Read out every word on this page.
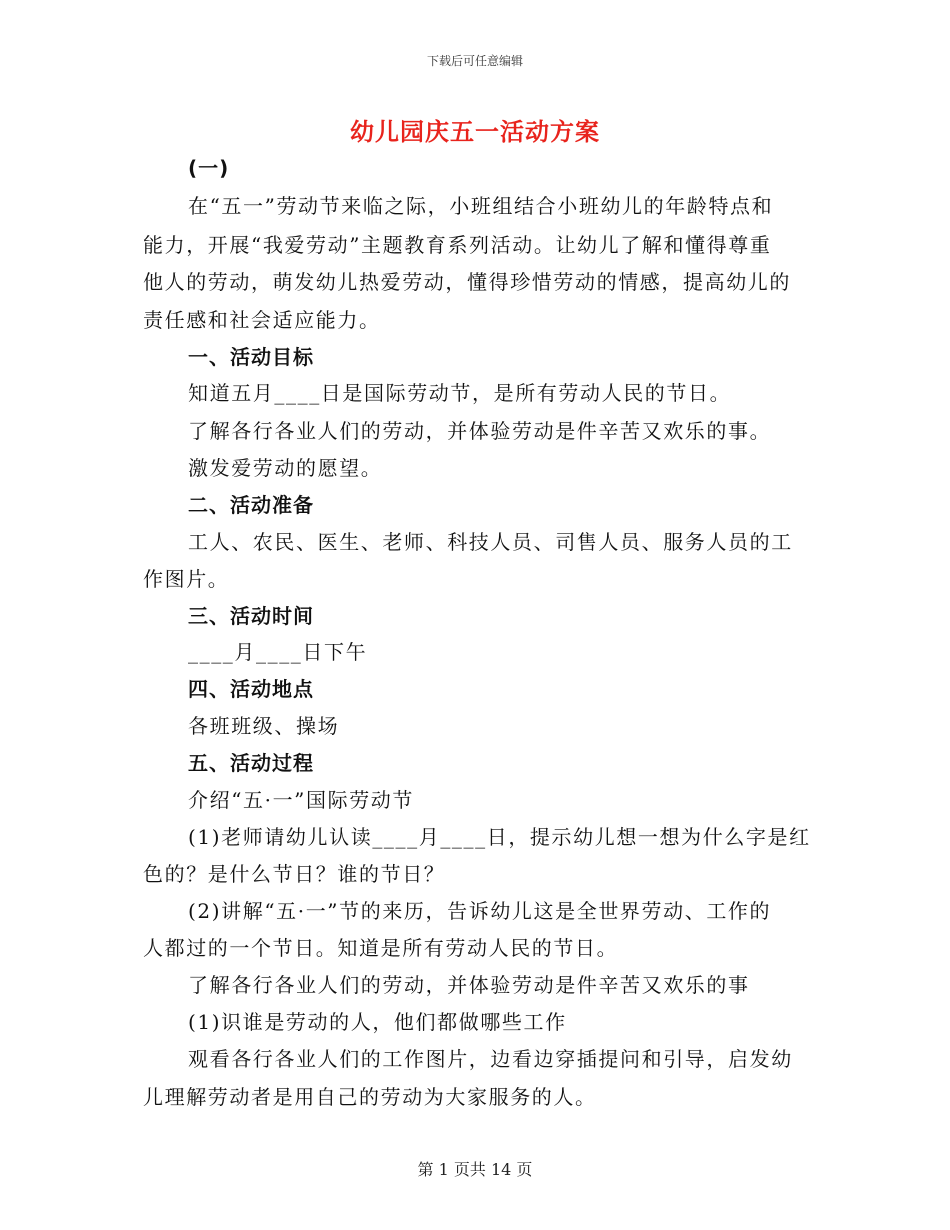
下载后可任意编辑
幼儿园庆五一活动方案
(一)
在“五一”劳动节来临之际，小班组结合小班幼儿的年龄特点和
能力，开展“我爱劳动”主题教育系列活动。让幼儿了解和懂得尊重
他人的劳动，萌发幼儿热爱劳动，懂得珍惜劳动的情感，提高幼儿的
责任感和社会适应能力。
一、活动目标
知道五月____日是国际劳动节，是所有劳动人民的节日。
了解各行各业人们的劳动，并体验劳动是件辛苦又欢乐的事。
激发爱劳动的愿望。
二、活动准备
工人、农民、医生、老师、科技人员、司售人员、服务人员的工
作图片。
三、活动时间
____月____日下午
四、活动地点
各班班级、操场
五、活动过程
介绍“五·一”国际劳动节
(1)老师请幼儿认读____月____日，提示幼儿想一想为什么字是红
色的？是什么节日？谁的节日？
(2)讲解“五·一”节的来历，告诉幼儿这是全世界劳动、工作的
人都过的一个节日。知道是所有劳动人民的节日。
了解各行各业人们的劳动，并体验劳动是件辛苦又欢乐的事
(1)识谁是劳动的人，他们都做哪些工作
观看各行各业人们的工作图片，边看边穿插提问和引导，启发幼
儿理解劳动者是用自己的劳动为大家服务的人。
第 1 页共 14 页
